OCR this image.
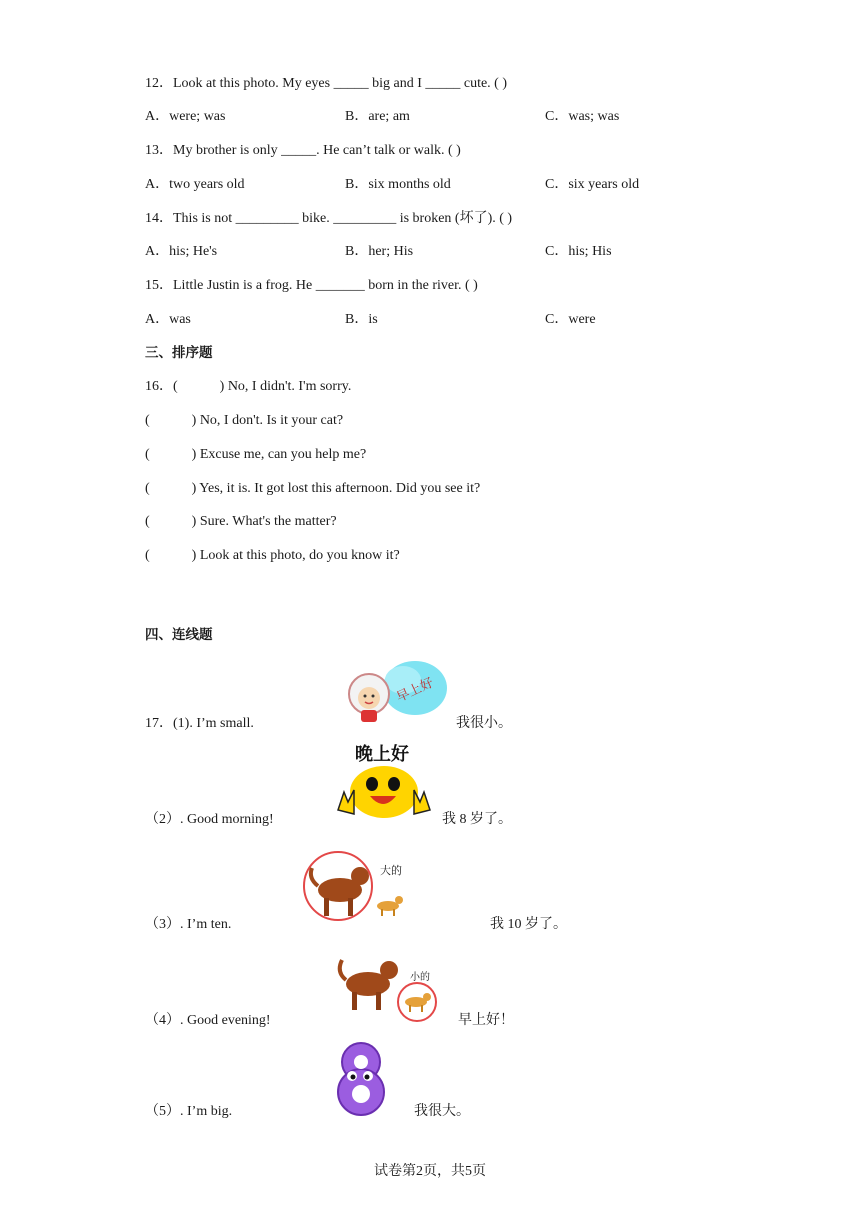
12．Look at this photo. My eyes _____ big and I _____ cute. ( )
A．were; was	B．are; am	C．was; was
13．My brother is only _____. He can’t talk or walk. ( )
A．two years old	B．six months old	C．six years old
14．This is not _________ bike. _________ is broken (坏了). ( )
A．his; He's	B．her; His	C．his; His
15．Little Justin is a frog. He _______ born in the river. ( )
A．was	B．is	C．were
三、排序题
16．(            ) No, I didn't. I'm sorry.
(            ) No, I don't. Is it your cat?
(            ) Excuse me, can you help me?
(            ) Yes, it is. It got lost this afternoon. Did you see it?
(            ) Sure. What's the matter?
(            ) Look at this photo, do you know it?
四、连线题
17．(1). I’m small.
（2）. Good morning!
（3）. I’m ten.
（4）. Good evening!
（5）. I’m big.
我很小。
我 8 岁了。
我 10 岁了。
早上好！
我很大。
早上好
晚上好
大的
小的
试卷第2页，共5页
